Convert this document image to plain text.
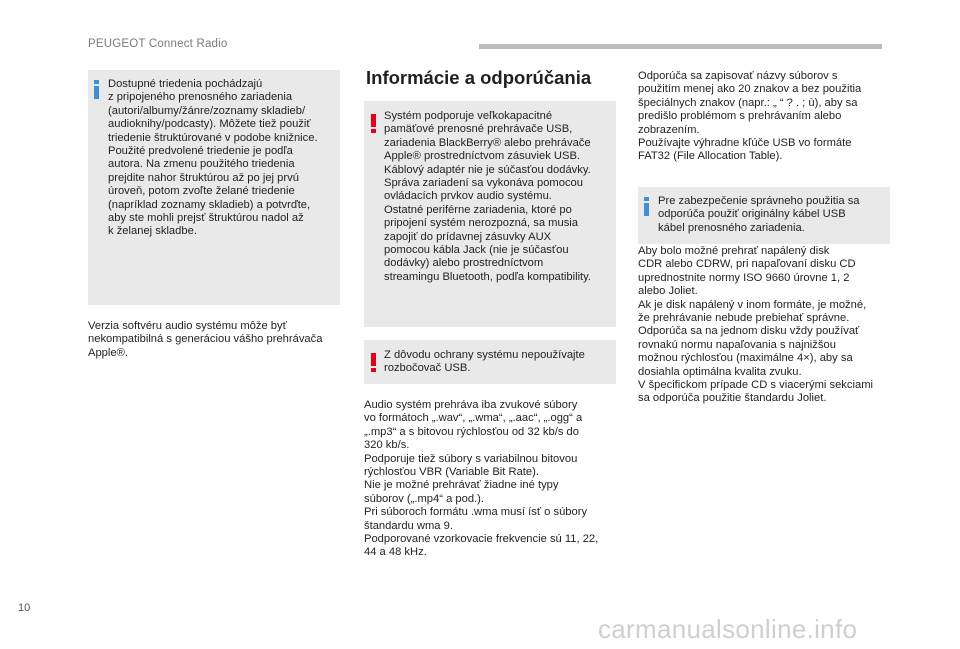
PEUGEOT Connect Radio
Dostupné triedenia pochádzajú
z pripojeného prenosného zariadenia
(autori/albumy/žánre/zoznamy skladieb/
audioknihy/podcasty). Môžete tiež použiť
triedenie štruktúrované v podobe knižnice.
Použité predvolené triedenie je podľa
autora. Na zmenu použitého triedenia
prejdite nahor štruktúrou až po jej prvú
úroveň, potom zvoľte želané triedenie
(napríklad zoznamy skladieb) a potvrďte,
aby ste mohli prejsť štruktúrou nadol až
k želanej skladbe.
Verzia softvéru audio systému môže byť
nekompatibilná s generáciou vášho prehrávača
Apple®.
Informácie a odporúčania
Systém podporuje veľkokapacitné
pamäťové prenosné prehrávače USB,
zariadenia BlackBerry® alebo prehrávače
Apple® prostredníctvom zásuviek USB.
Káblový adaptér nie je súčasťou dodávky.
Správa zariadení sa vykonáva pomocou
ovládacích prvkov audio systému.
Ostatné periférne zariadenia, ktoré po
pripojení systém nerozpozná, sa musia
zapojiť do prídavnej zásuvky AUX
pomocou kábla Jack (nie je súčasťou
dodávky) alebo prostredníctvom
streamingu Bluetooth, podľa kompatibility.
Z dôvodu ochrany systému nepoužívajte
rozbočovač USB.
Audio systém prehráva iba zvukové súbory
vo formátoch „.wav“, „.wma“, „.aac“, „.ogg“ a
„.mp3“ a s bitovou rýchlosťou od 32 kb/s do
320 kb/s.
Podporuje tiež súbory s variabilnou bitovou
rýchlosťou VBR (Variable Bit Rate).
Nie je možné prehrávať žiadne iné typy
súborov („.mp4“ a pod.).
Pri súboroch formátu .wma musí ísť o súbory
štandardu wma 9.
Podporované vzorkovacie frekvencie sú 11, 22,
44 a 48 kHz.
Odporúča sa zapisovať názvy súborov s
použitím menej ako 20 znakov a bez použitia
špeciálnych znakov (napr.: „ “ ? . ; ù), aby sa
predišlo problémom s prehrávaním alebo
zobrazením.
Používajte výhradne kľúče USB vo formáte
FAT32 (File Allocation Table).
Pre zabezpečenie správneho použitia sa
odporúča použiť originálny kábel USB
kábel prenosného zariadenia.
Aby bolo možné prehrať napálený disk
CDR alebo CDRW, pri napaľovaní disku CD
uprednostnite normy ISO 9660 úrovne 1, 2
alebo Joliet.
Ak je disk napálený v inom formáte, je možné,
že prehrávanie nebude prebiehať správne.
Odporúča sa na jednom disku vždy používať
rovnakú normu napaľovania s najnižšou
možnou rýchlosťou (maximálne 4×), aby sa
dosiahla optimálna kvalita zvuku.
V špecifickom prípade CD s viacerými sekciami
sa odporúča použitie štandardu Joliet.
10
carmanualsonline.info
